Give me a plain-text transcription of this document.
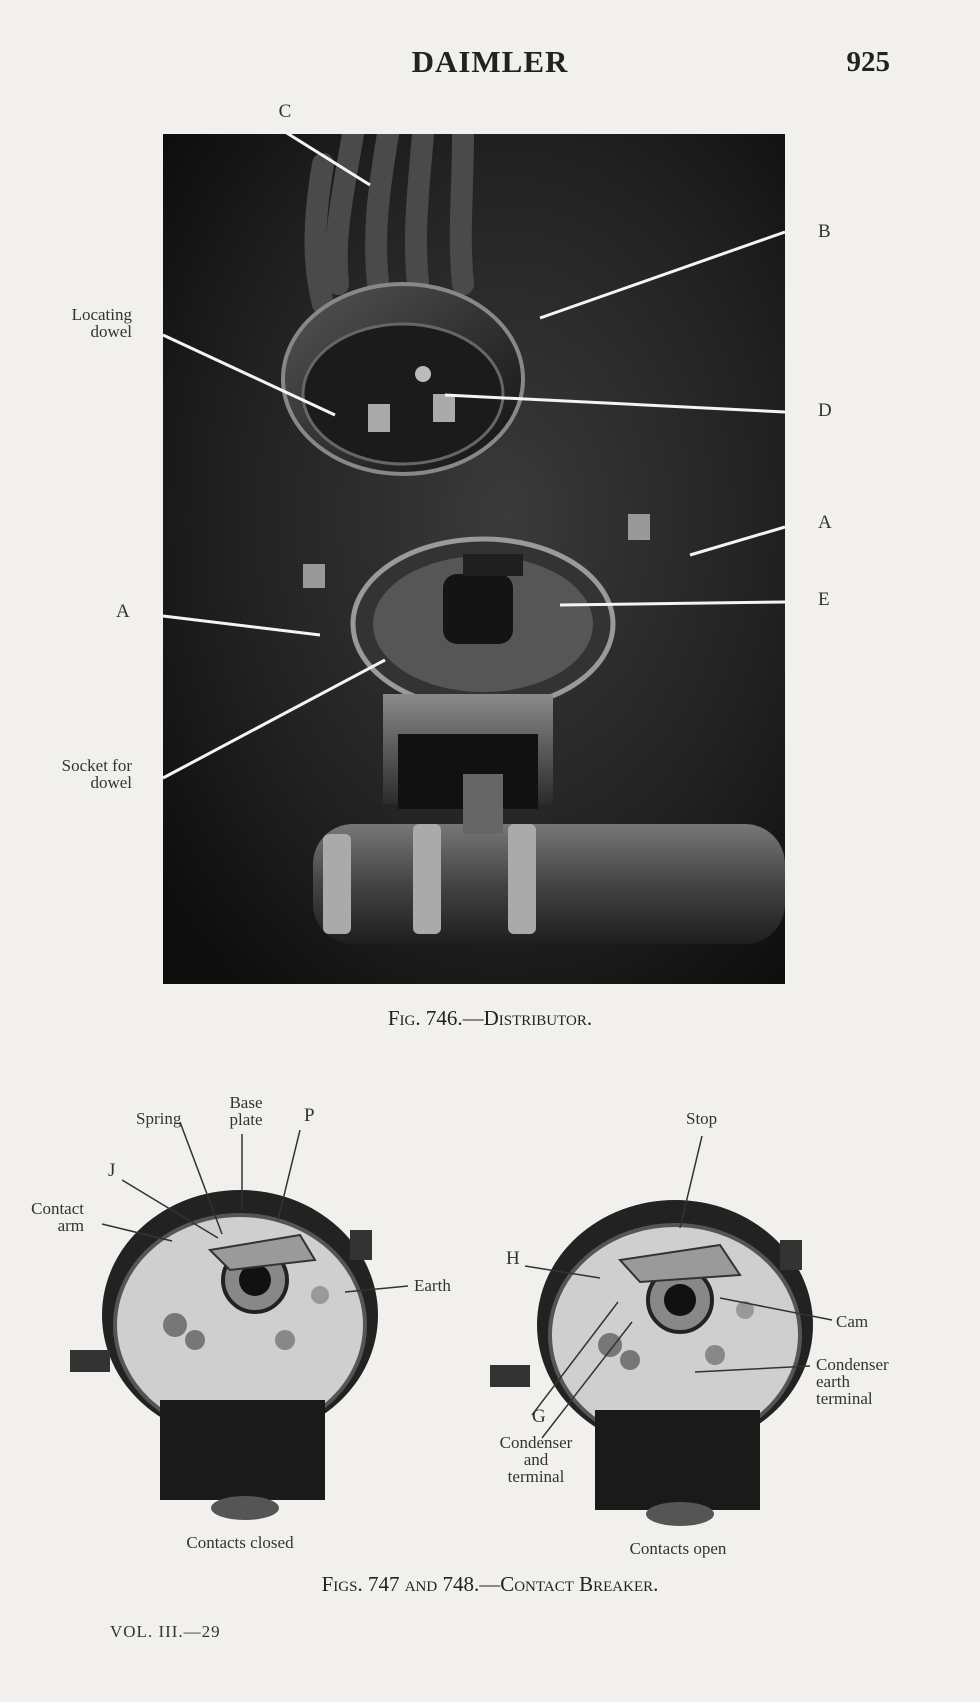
DAIMLER	925
C
B
Locating
dowel
D
A
E
A
Socket for
dowel
Fig. 746.—Distributor.
Base
plate
Spring	P
J
Contact
arm
Earth
Contacts closed
Stop
H
Cam
Condenser
earth
terminal
G
Condenser
and
terminal
Contacts open
Figs. 747 and 748.—Contact Breaker.
VOL. III.—29
